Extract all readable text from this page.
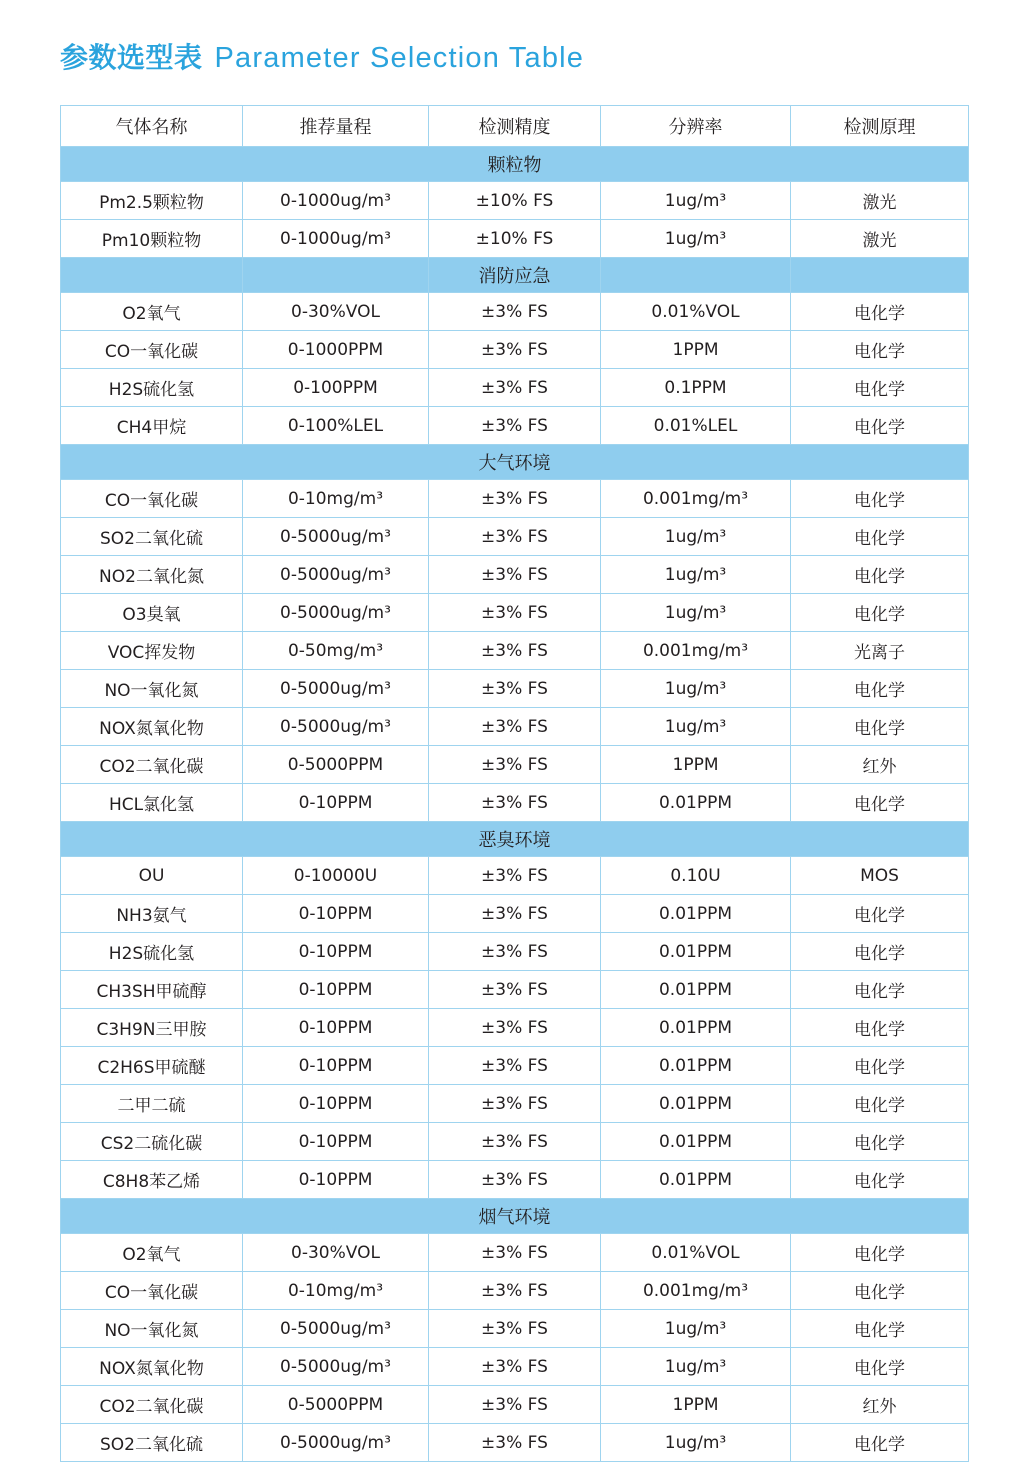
参数选型表 Parameter Selection Table
气体名称	推荐量程	检测精度	分辨率	检测原理
颗粒物				
Pm2.5颗粒物	0-1000ug/m³	±10% FS	1ug/m³	激光
Pm10颗粒物	0-1000ug/m³	±10% FS	1ug/m³	激光
		消防应急		
O2氧气	0-30%VOL	±3% FS	0.01%VOL	电化学
CO一氧化碳	0-1000PPM	±3% FS	1PPM	电化学
H2S硫化氢	0-100PPM	±3% FS	0.1PPM	电化学
CH4甲烷	0-100%LEL	±3% FS	0.01%LEL	电化学
大气环境				
CO一氧化碳	0-10mg/m³	±3% FS	0.001mg/m³	电化学
SO2二氧化硫	0-5000ug/m³	±3% FS	1ug/m³	电化学
NO2二氧化氮	0-5000ug/m³	±3% FS	1ug/m³	电化学
O3臭氧	0-5000ug/m³	±3% FS	1ug/m³	电化学
VOC挥发物	0-50mg/m³	±3% FS	0.001mg/m³	光离子
NO一氧化氮	0-5000ug/m³	±3% FS	1ug/m³	电化学
NOX氮氧化物	0-5000ug/m³	±3% FS	1ug/m³	电化学
CO2二氧化碳	0-5000PPM	±3% FS	1PPM	红外
HCL氯化氢	0-10PPM	±3% FS	0.01PPM	电化学
恶臭环境				
OU	0-10000U	±3% FS	0.10U	MOS
NH3氨气	0-10PPM	±3% FS	0.01PPM	电化学
H2S硫化氢	0-10PPM	±3% FS	0.01PPM	电化学
CH3SH甲硫醇	0-10PPM	±3% FS	0.01PPM	电化学
C3H9N三甲胺	0-10PPM	±3% FS	0.01PPM	电化学
C2H6S甲硫醚	0-10PPM	±3% FS	0.01PPM	电化学
二甲二硫	0-10PPM	±3% FS	0.01PPM	电化学
CS2二硫化碳	0-10PPM	±3% FS	0.01PPM	电化学
C8H8苯乙烯	0-10PPM	±3% FS	0.01PPM	电化学
烟气环境				
O2氧气	0-30%VOL	±3% FS	0.01%VOL	电化学
CO一氧化碳	0-10mg/m³	±3% FS	0.001mg/m³	电化学
NO一氧化氮	0-5000ug/m³	±3% FS	1ug/m³	电化学
NOX氮氧化物	0-5000ug/m³	±3% FS	1ug/m³	电化学
CO2二氧化碳	0-5000PPM	±3% FS	1PPM	红外
SO2二氧化硫	0-5000ug/m³	±3% FS	1ug/m³	电化学
